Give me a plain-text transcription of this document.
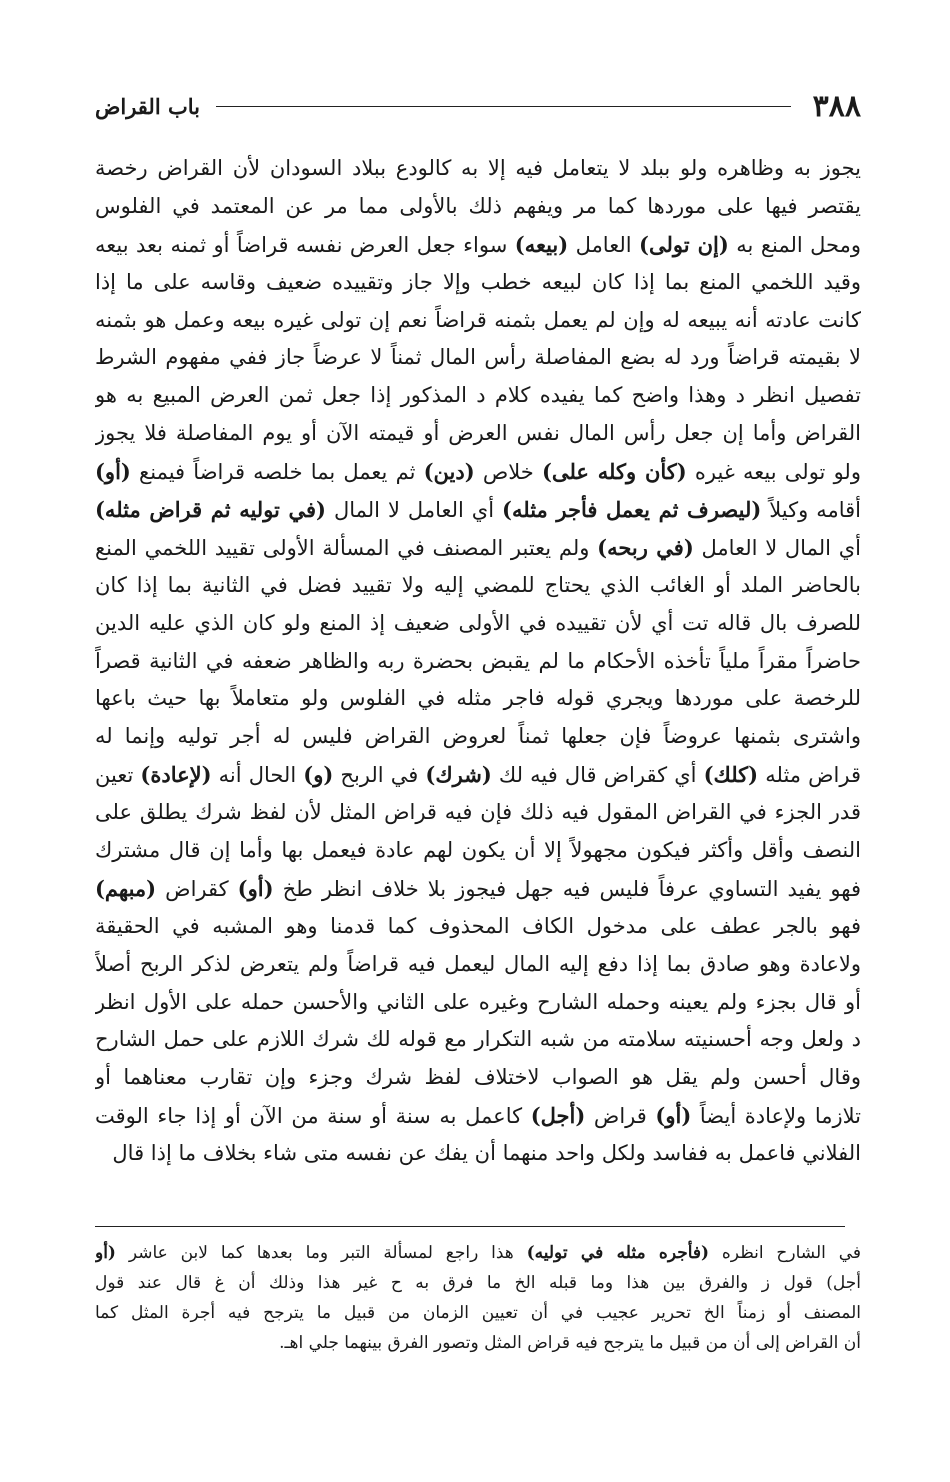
٣٨٨
باب القراض
يجوز به وظاهره ولو ببلد لا يتعامل فيه إلا به كالودع ببلاد السودان لأن القراض رخصة
يقتصر فيها على موردها كما مر ويفهم ذلك بالأولى مما مر عن المعتمد في الفلوس
ومحل المنع به (إن تولى) العامل (بيعه) سواء جعل العرض نفسه قراضاً أو ثمنه بعد بيعه
وقيد اللخمي المنع بما إذا كان لبيعه خطب وإلا جاز وتقييده ضعيف وقاسه على ما إذا
كانت عادته أنه يبيعه له وإن لم يعمل بثمنه قراضاً نعم إن تولى غيره بيعه وعمل هو بثمنه
لا بقيمته قراضاً ورد له بضع المفاصلة رأس المال ثمناً لا عرضاً جاز ففي مفهوم الشرط
تفصيل انظر د وهذا واضح كما يفيده كلام د المذكور إذا جعل ثمن العرض المبيع به هو
القراض وأما إن جعل رأس المال نفس العرض أو قيمته الآن أو يوم المفاصلة فلا يجوز
ولو تولى بيعه غيره (كأن وكله على) خلاص (دين) ثم يعمل بما خلصه قراضاً فيمنع (أو)
أقامه وكيلاً (ليصرف ثم يعمل فأجر مثله) أي العامل لا المال (في توليه ثم قراض مثله)
أي المال لا العامل (في ربحه) ولم يعتبر المصنف في المسألة الأولى تقييد اللخمي المنع
بالحاضر الملد أو الغائب الذي يحتاج للمضي إليه ولا تقييد فضل في الثانية بما إذا كان
للصرف بال قاله تت أي لأن تقييده في الأولى ضعيف إذ المنع ولو كان الذي عليه الدين
حاضراً مقراً ملياً تأخذه الأحكام ما لم يقبض بحضرة ربه والظاهر ضعفه في الثانية قصراً
للرخصة على موردها ويجري قوله فاجر مثله في الفلوس ولو متعاملاً بها حيث باعها
واشترى بثمنها عروضاً فإن جعلها ثمناً لعروض القراض فليس له أجر توليه وإنما له
قراض مثله (كلك) أي كقراض قال فيه لك (شرك) في الربح (و) الحال أنه (لإعادة) تعين
قدر الجزء في القراض المقول فيه ذلك فإن فيه قراض المثل لأن لفظ شرك يطلق على
النصف وأقل وأكثر فيكون مجهولاً إلا أن يكون لهم عادة فيعمل بها وأما إن قال مشترك
فهو يفيد التساوي عرفاً فليس فيه جهل فيجوز بلا خلاف انظر طخ (أو) كقراض (مبهم)
فهو بالجر عطف على مدخول الكاف المحذوف كما قدمنا وهو المشبه في الحقيقة
ولاعادة وهو صادق بما إذا دفع إليه المال ليعمل فيه قراضاً ولم يتعرض لذكر الربح أصلاً
أو قال بجزء ولم يعينه وحمله الشارح وغيره على الثاني والأحسن حمله على الأول انظر
د ولعل وجه أحسنيته سلامته من شبه التكرار مع قوله لك شرك اللازم على حمل الشارح
وقال أحسن ولم يقل هو الصواب لاختلاف لفظ شرك وجزء وإن تقارب معناهما أو
تلازما ولإعادة أيضاً (أو) قراض (أجل) كاعمل به سنة أو سنة من الآن أو إذا جاء الوقت
الفلاني فاعمل به ففاسد ولكل واحد منهما أن يفك عن نفسه متى شاء بخلاف ما إذا قال
في الشارح انظره (فأجره مثله في توليه) هذا راجع لمسألة التبر وما بعدها كما لابن عاشر (أو
أجل) قول ز والفرق بين هذا وما قبله الخ ما فرق به ح غير هذا وذلك أن غ قال عند قول
المصنف أو زمناً الخ تحرير عجيب في أن تعيين الزمان من قبيل ما يترجح فيه أجرة المثل كما
أن القراض إلى أن من قبيل ما يترجح فيه قراض المثل وتصور الفرق بينهما جلي اهـ.
